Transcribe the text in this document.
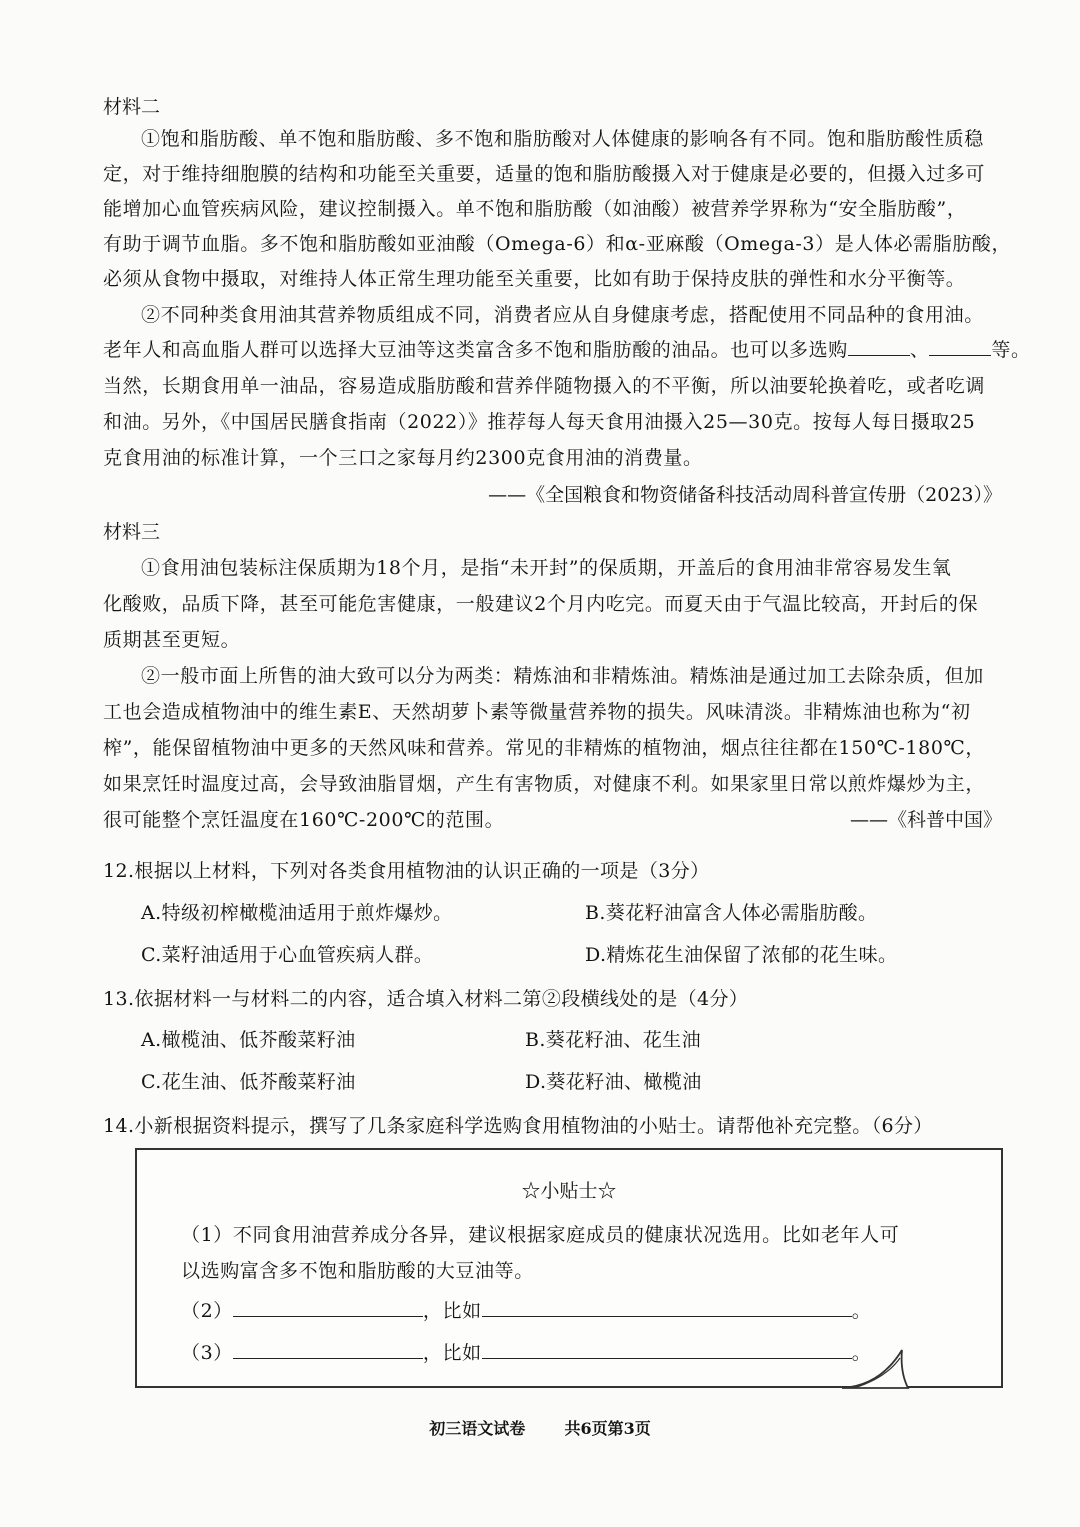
材料二
①饱和脂肪酸、单不饱和脂肪酸、多不饱和脂肪酸对人体健康的影响各有不同。饱和脂肪酸性质稳
定，对于维持细胞膜的结构和功能至关重要，适量的饱和脂肪酸摄入对于健康是必要的，但摄入过多可
能增加心血管疾病风险，建议控制摄入。单不饱和脂肪酸（如油酸）被营养学界称为“安全脂肪酸”，
有助于调节血脂。多不饱和脂肪酸如亚油酸（Omega-6）和α-亚麻酸（Omega-3）是人体必需脂肪酸，
必须从食物中摄取，对维持人体正常生理功能至关重要，比如有助于保持皮肤的弹性和水分平衡等。
②不同种类食用油其营养物质组成不同，消费者应从自身健康考虑，搭配使用不同品种的食用油。
老年人和高血脂人群可以选择大豆油等这类富含多不饱和脂肪酸的油品。也可以多选购	、	等。
当然，长期食用单一油品，容易造成脂肪酸和营养伴随物摄入的不平衡，所以油要轮换着吃，或者吃调
和油。另外，《中国居民膳食指南（2022）》推荐每人每天食用油摄入25—30克。按每人每日摄取25
克食用油的标准计算，一个三口之家每月约2300克食用油的消费量。
——《全国粮食和物资储备科技活动周科普宣传册（2023）》
材料三
①食用油包装标注保质期为18个月，是指“未开封”的保质期，开盖后的食用油非常容易发生氧
化酸败，品质下降，甚至可能危害健康，一般建议2个月内吃完。而夏天由于气温比较高，开封后的保
质期甚至更短。
②一般市面上所售的油大致可以分为两类：精炼油和非精炼油。精炼油是通过加工去除杂质，但加
工也会造成植物油中的维生素E、天然胡萝卜素等微量营养物的损失。风味清淡。非精炼油也称为“初
榨”，能保留植物油中更多的天然风味和营养。常见的非精炼的植物油，烟点往往都在150℃-180℃，
如果烹饪时温度过高，会导致油脂冒烟，产生有害物质，对健康不利。如果家里日常以煎炸爆炒为主，
很可能整个烹饪温度在160℃-200℃的范围。	——《科普中国》
12.根据以上材料，下列对各类食用植物油的认识正确的一项是（3分）
A.特级初榨橄榄油适用于煎炸爆炒。	B.葵花籽油富含人体必需脂肪酸。
C.菜籽油适用于心血管疾病人群。	D.精炼花生油保留了浓郁的花生味。
13.依据材料一与材料二的内容，适合填入材料二第②段横线处的是（4分）
A.橄榄油、低芥酸菜籽油	B.葵花籽油、花生油
C.花生油、低芥酸菜籽油	D.葵花籽油、橄榄油
14.小新根据资料提示，撰写了几条家庭科学选购食用植物油的小贴士。请帮他补充完整。（6分）
☆小贴士☆
（1）不同食用油营养成分各异，建议根据家庭成员的健康状况选用。比如老年人可
以选购富含多不饱和脂肪酸的大豆油等。
（2）	，比如	。
（3）	，比如	。
初三语文试卷 共6页第3页
